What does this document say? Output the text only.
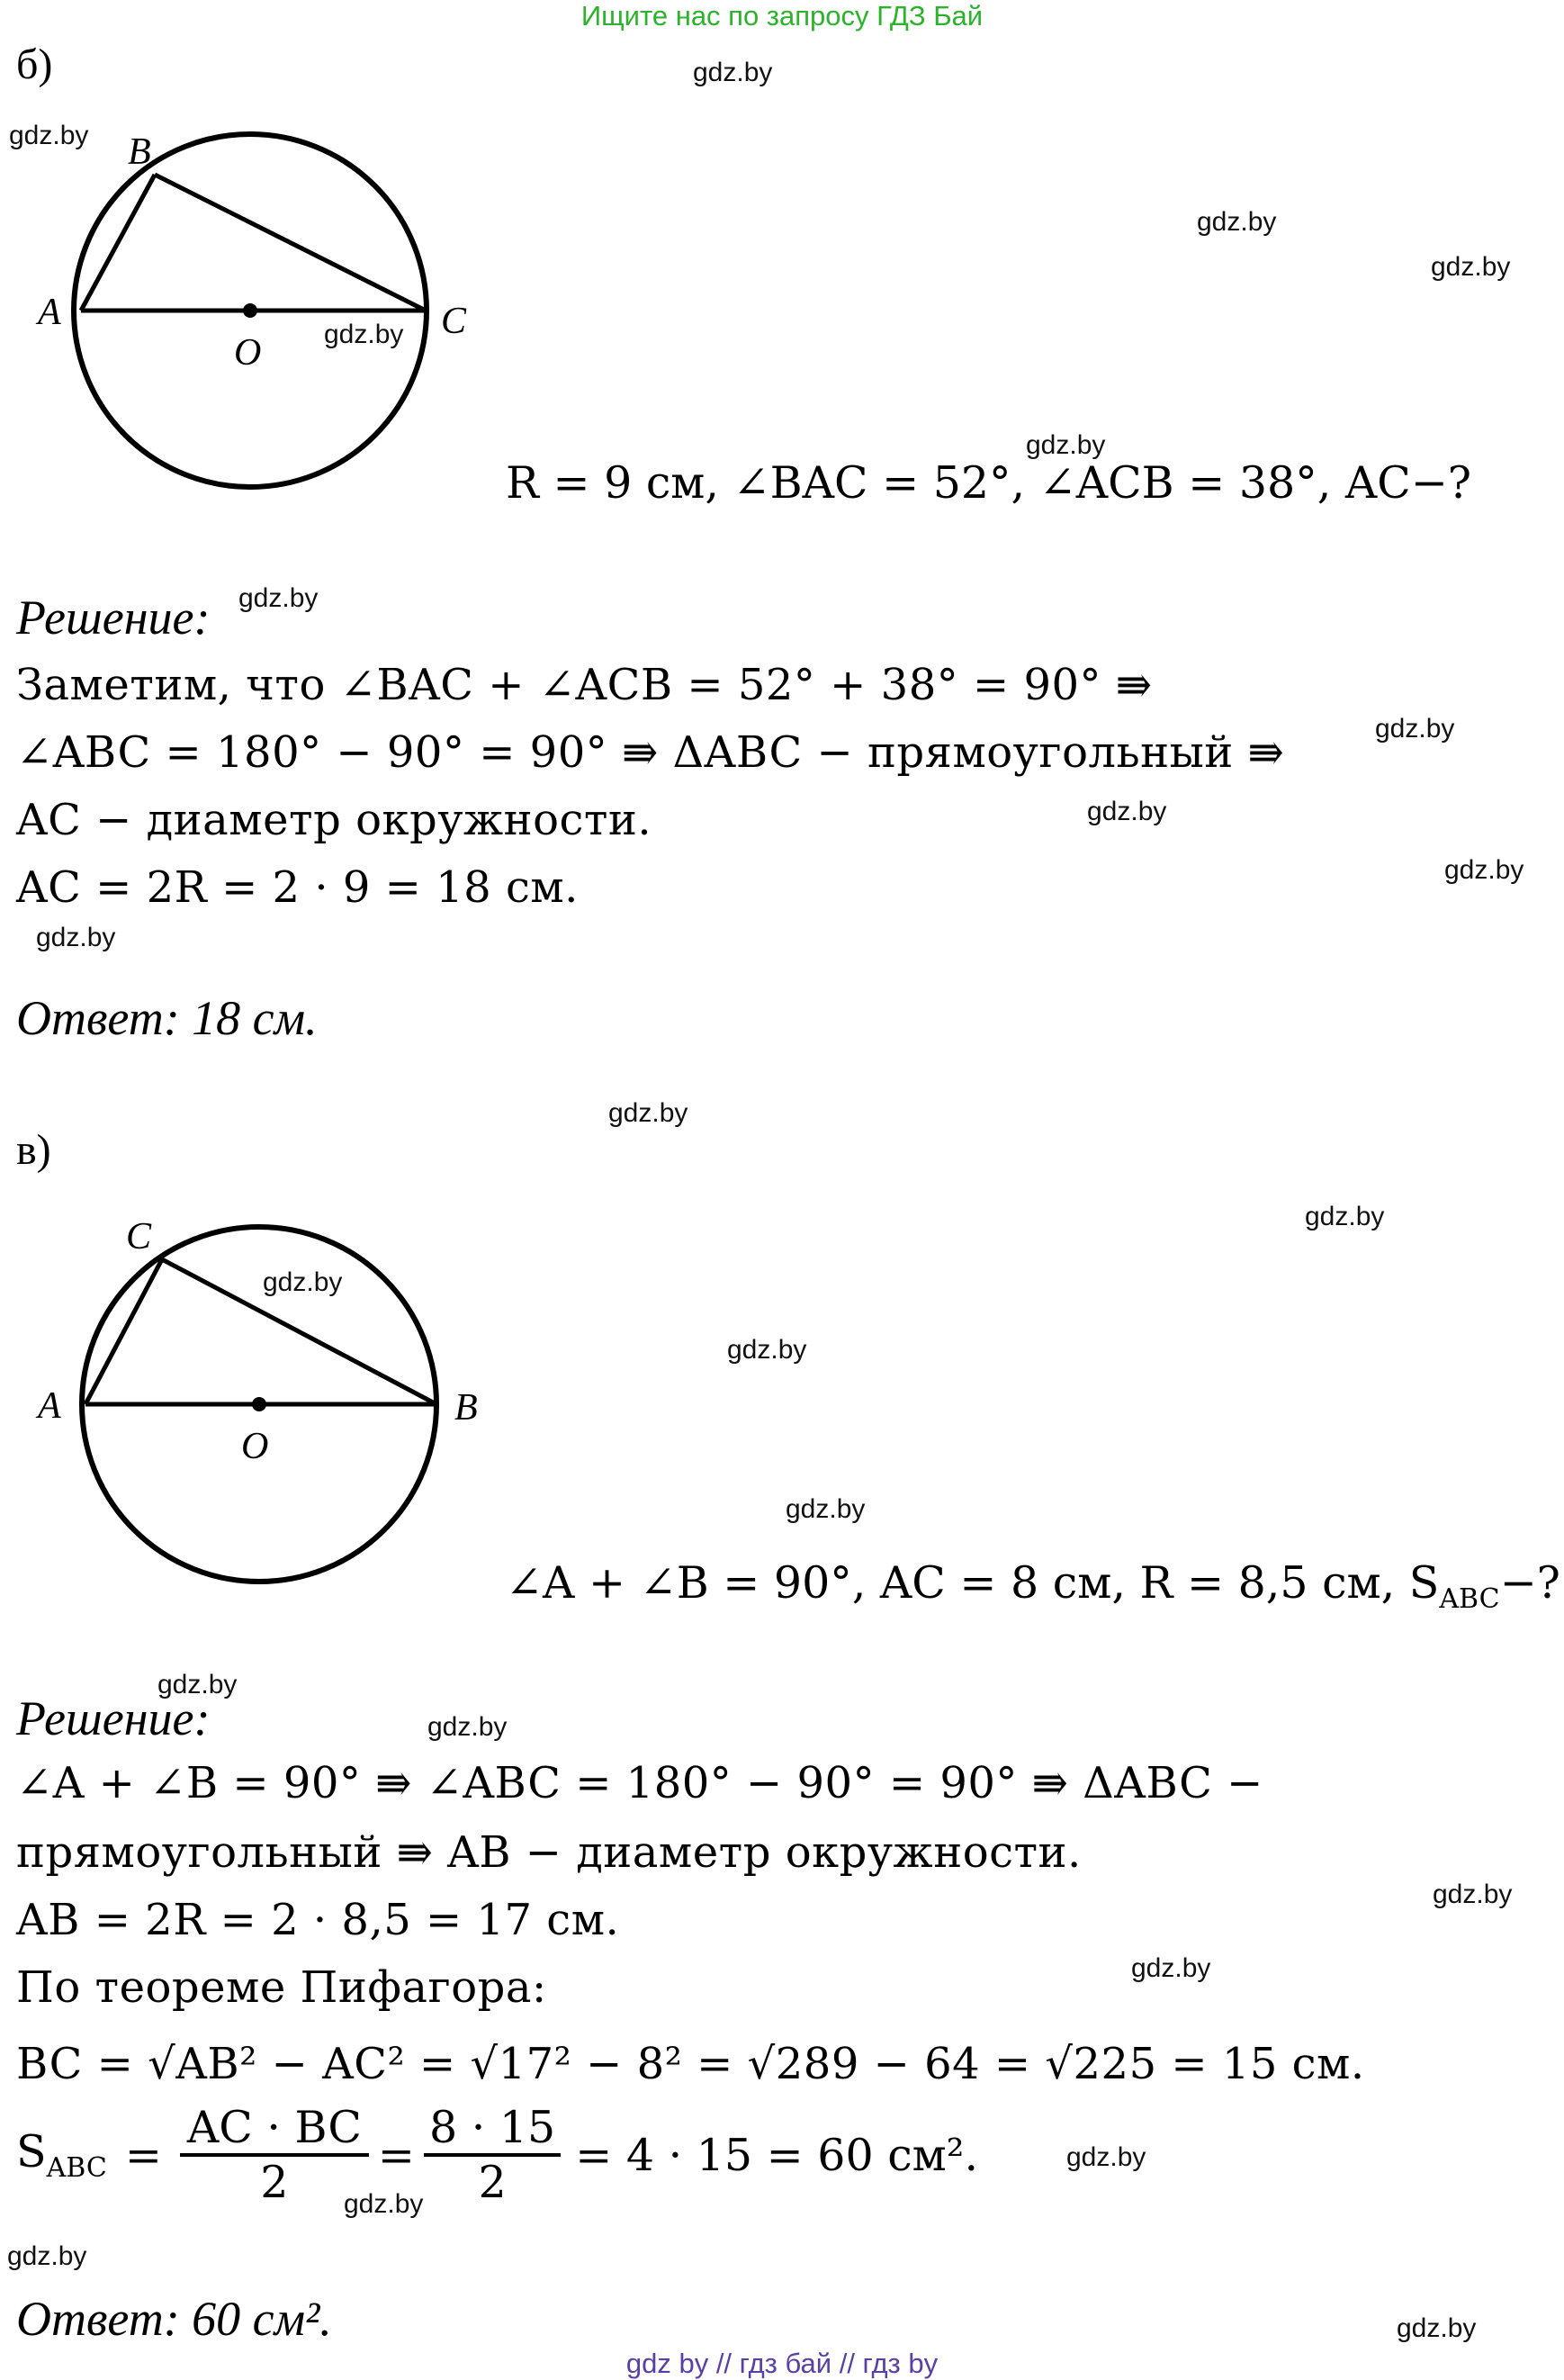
Ищите нас по запросу ГДЗ Бай
б)
A
B
C
O
R = 9 см, ∠BAC = 52°, ∠ACB = 38°, AC−?
Решение:
Заметим, что ∠BAC + ∠ACB = 52° + 38° = 90° ⇛
∠ABC = 180° − 90° = 90° ⇛ ΔABC − прямоугольный ⇛
AC − диаметр окружности.
AC = 2R = 2 · 9 = 18 см.
Ответ: 18 см.
в)
A
C
B
O
∠A + ∠B = 90°, AC = 8 см, R = 8,5 см, $S_{ABC}-$?
Решение:
∠A + ∠B = 90° ⇛ ∠ABC = 180° − 90° = 90° ⇛ ΔABC −
прямоугольный ⇛ AB − диаметр окружности.
AB = 2R = 2 · 8,5 = 17 см.
По теореме Пифагора:
BC = √AB² − AC² = √17² − 8² = √289 − 64 = √225 = 15 см.
$S_{ABC} = \frac{AC \cdot BC}{2} = \frac{8 \cdot 15}{2} = 4 \cdot 15 = 60$ см².
Ответ: 60 см².
gdz.by
gdz.by
gdz.by
gdz.by
gdz.by
gdz.by
gdz.by
gdz.by
gdz.by
gdz.by
gdz.by
gdz.by
gdz.by
gdz.by
gdz.by
gdz.by
gdz.by
gdz.by
gdz.by
gdz.by
gdz.by
gdz.by
gdz.by
gdz.by
gdz by // гдз бай // гдз by
